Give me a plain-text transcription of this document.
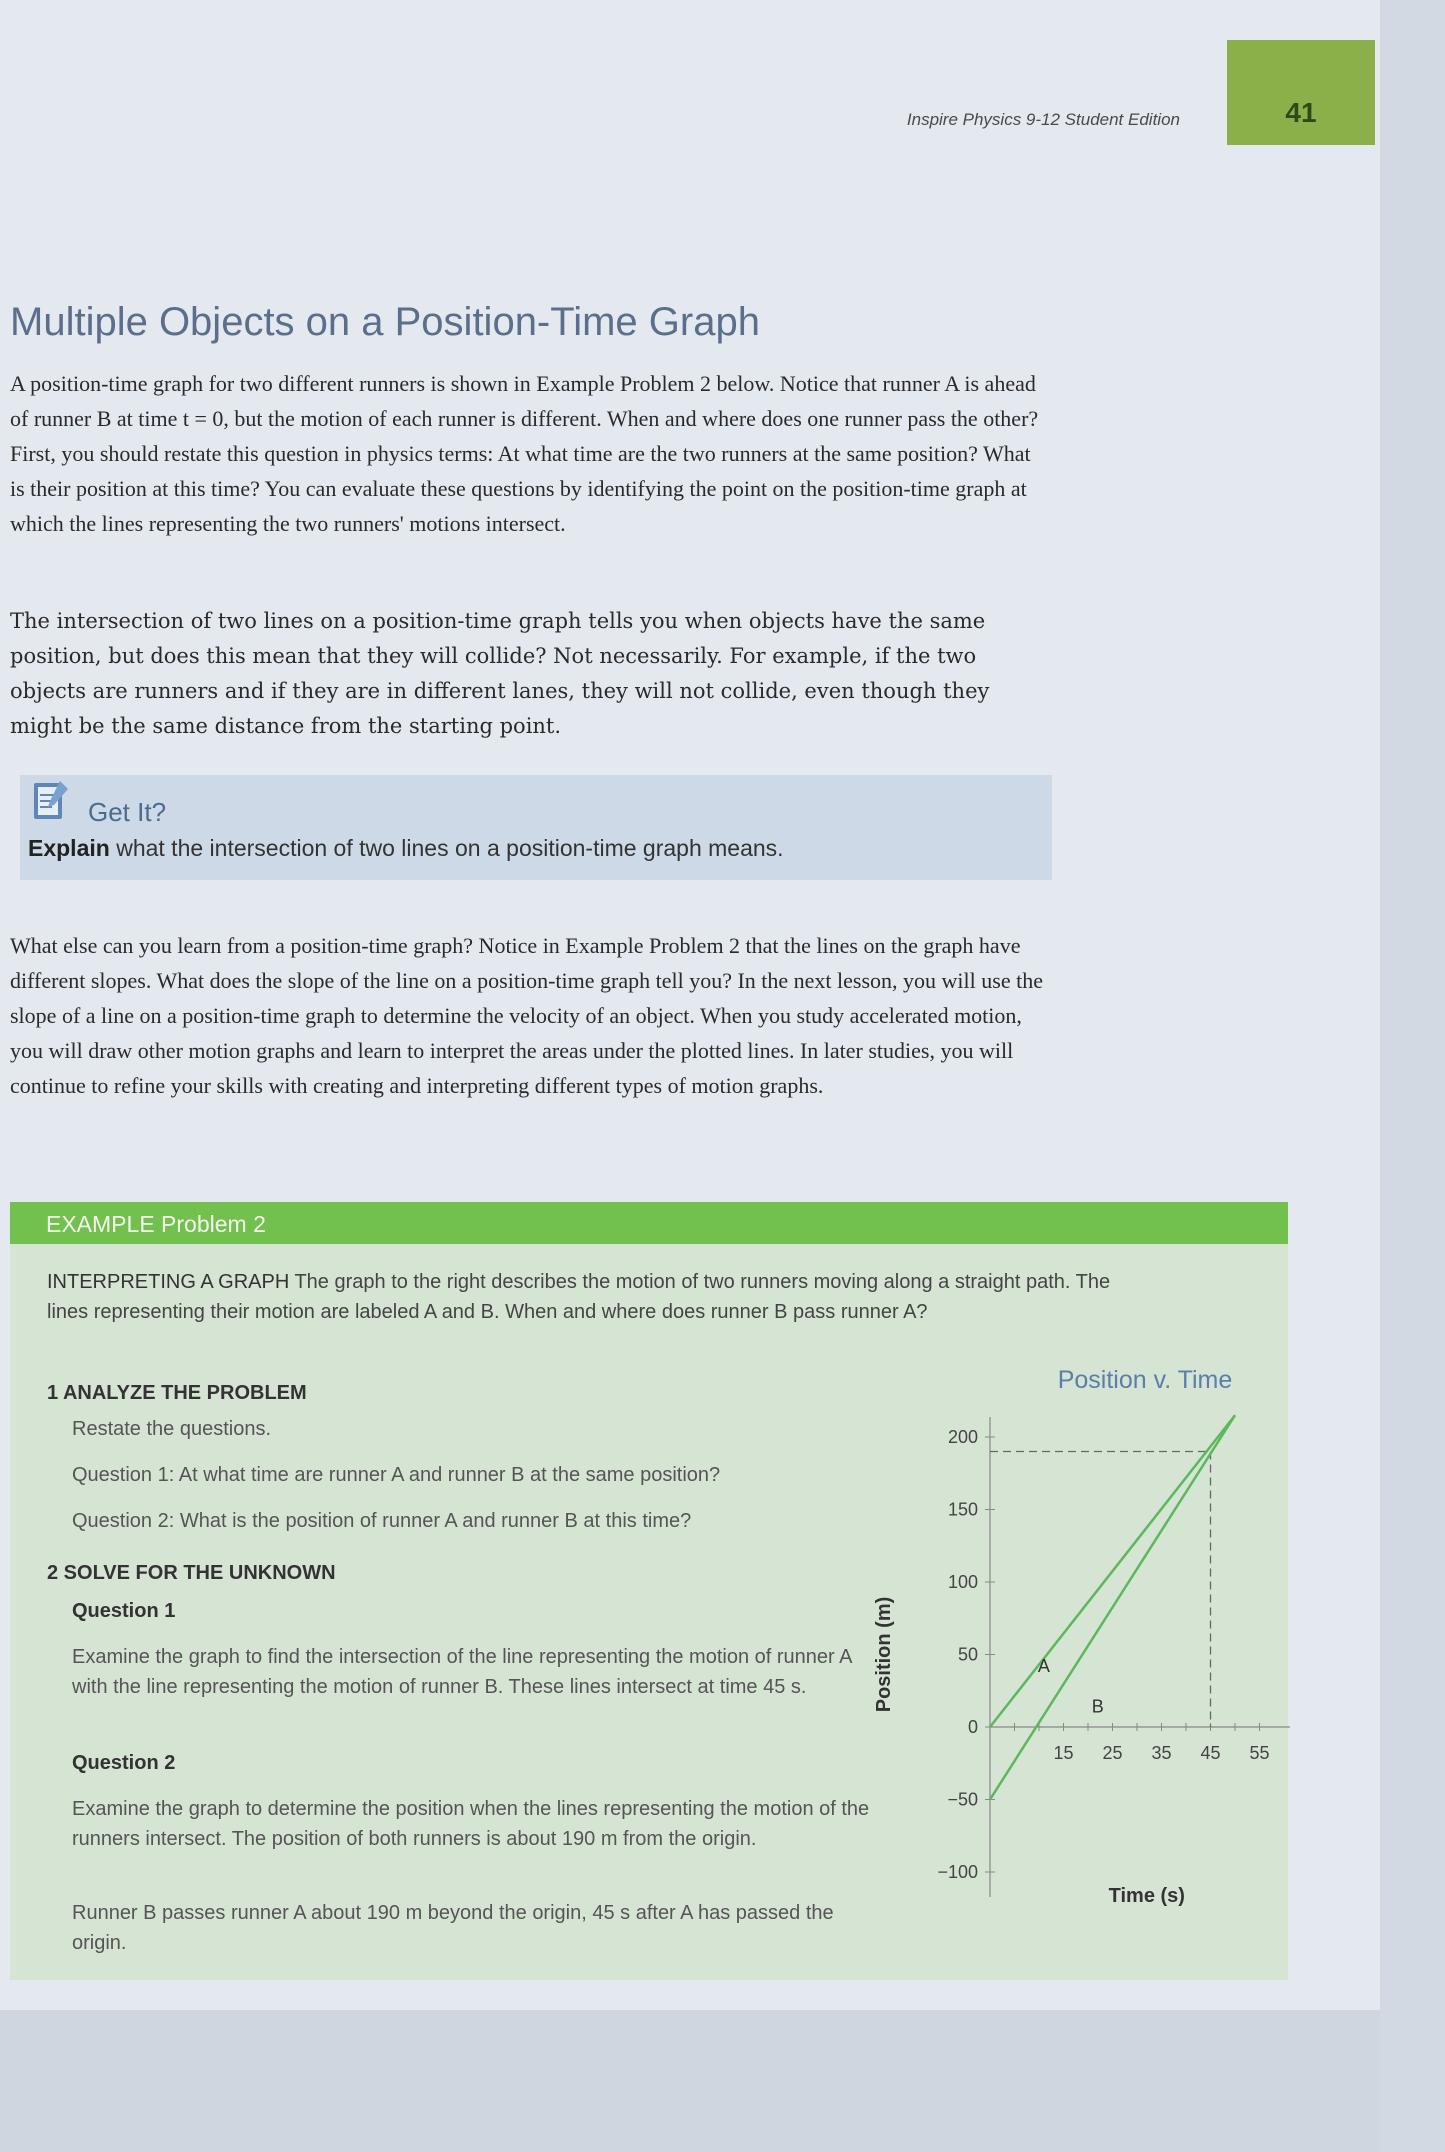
Inspire Physics 9-12 Student Edition	41
Multiple Objects on a Position-Time Graph
A position-time graph for two different runners is shown in Example Problem 2 below. Notice that runner A is ahead of runner B at time t = 0, but the motion of each runner is different. When and where does one runner pass the other? First, you should restate this question in physics terms: At what time are the two runners at the same position? What is their position at this time? You can evaluate these questions by identifying the point on the position-time graph at which the lines representing the two runners' motions intersect.
The intersection of two lines on a position-time graph tells you when objects have the same position, but does this mean that they will collide? Not necessarily. For example, if the two objects are runners and if they are in different lanes, they will not collide, even though they might be the same distance from the starting point.
Get It?
Explain what the intersection of two lines on a position-time graph means.
What else can you learn from a position-time graph? Notice in Example Problem 2 that the lines on the graph have different slopes. What does the slope of the line on a position-time graph tell you? In the next lesson, you will use the slope of a line on a position-time graph to determine the velocity of an object. When you study accelerated motion, you will draw other motion graphs and learn to interpret the areas under the plotted lines. In later studies, you will continue to refine your skills with creating and interpreting different types of motion graphs.
EXAMPLE Problem 2
INTERPRETING A GRAPH The graph to the right describes the motion of two runners moving along a straight path. The lines representing their motion are labeled A and B. When and where does runner B pass runner A?
1 ANALYZE THE PROBLEM
Restate the questions.
Question 1: At what time are runner A and runner B at the same position?
Question 2: What is the position of runner A and runner B at this time?
2 SOLVE FOR THE UNKNOWN
Question 1
Examine the graph to find the intersection of the line representing the motion of runner A with the line representing the motion of runner B. These lines intersect at time 45 s.
Question 2
Examine the graph to determine the position when the lines representing the motion of the runners intersect. The position of both runners is about 190 m from the origin.
Runner B passes runner A about 190 m beyond the origin, 45 s after A has passed the origin.
Position v. Time
15 25 35 45 55
200
150
100
50
0
−50
−100
Position (m)
Time (s)
A
B
